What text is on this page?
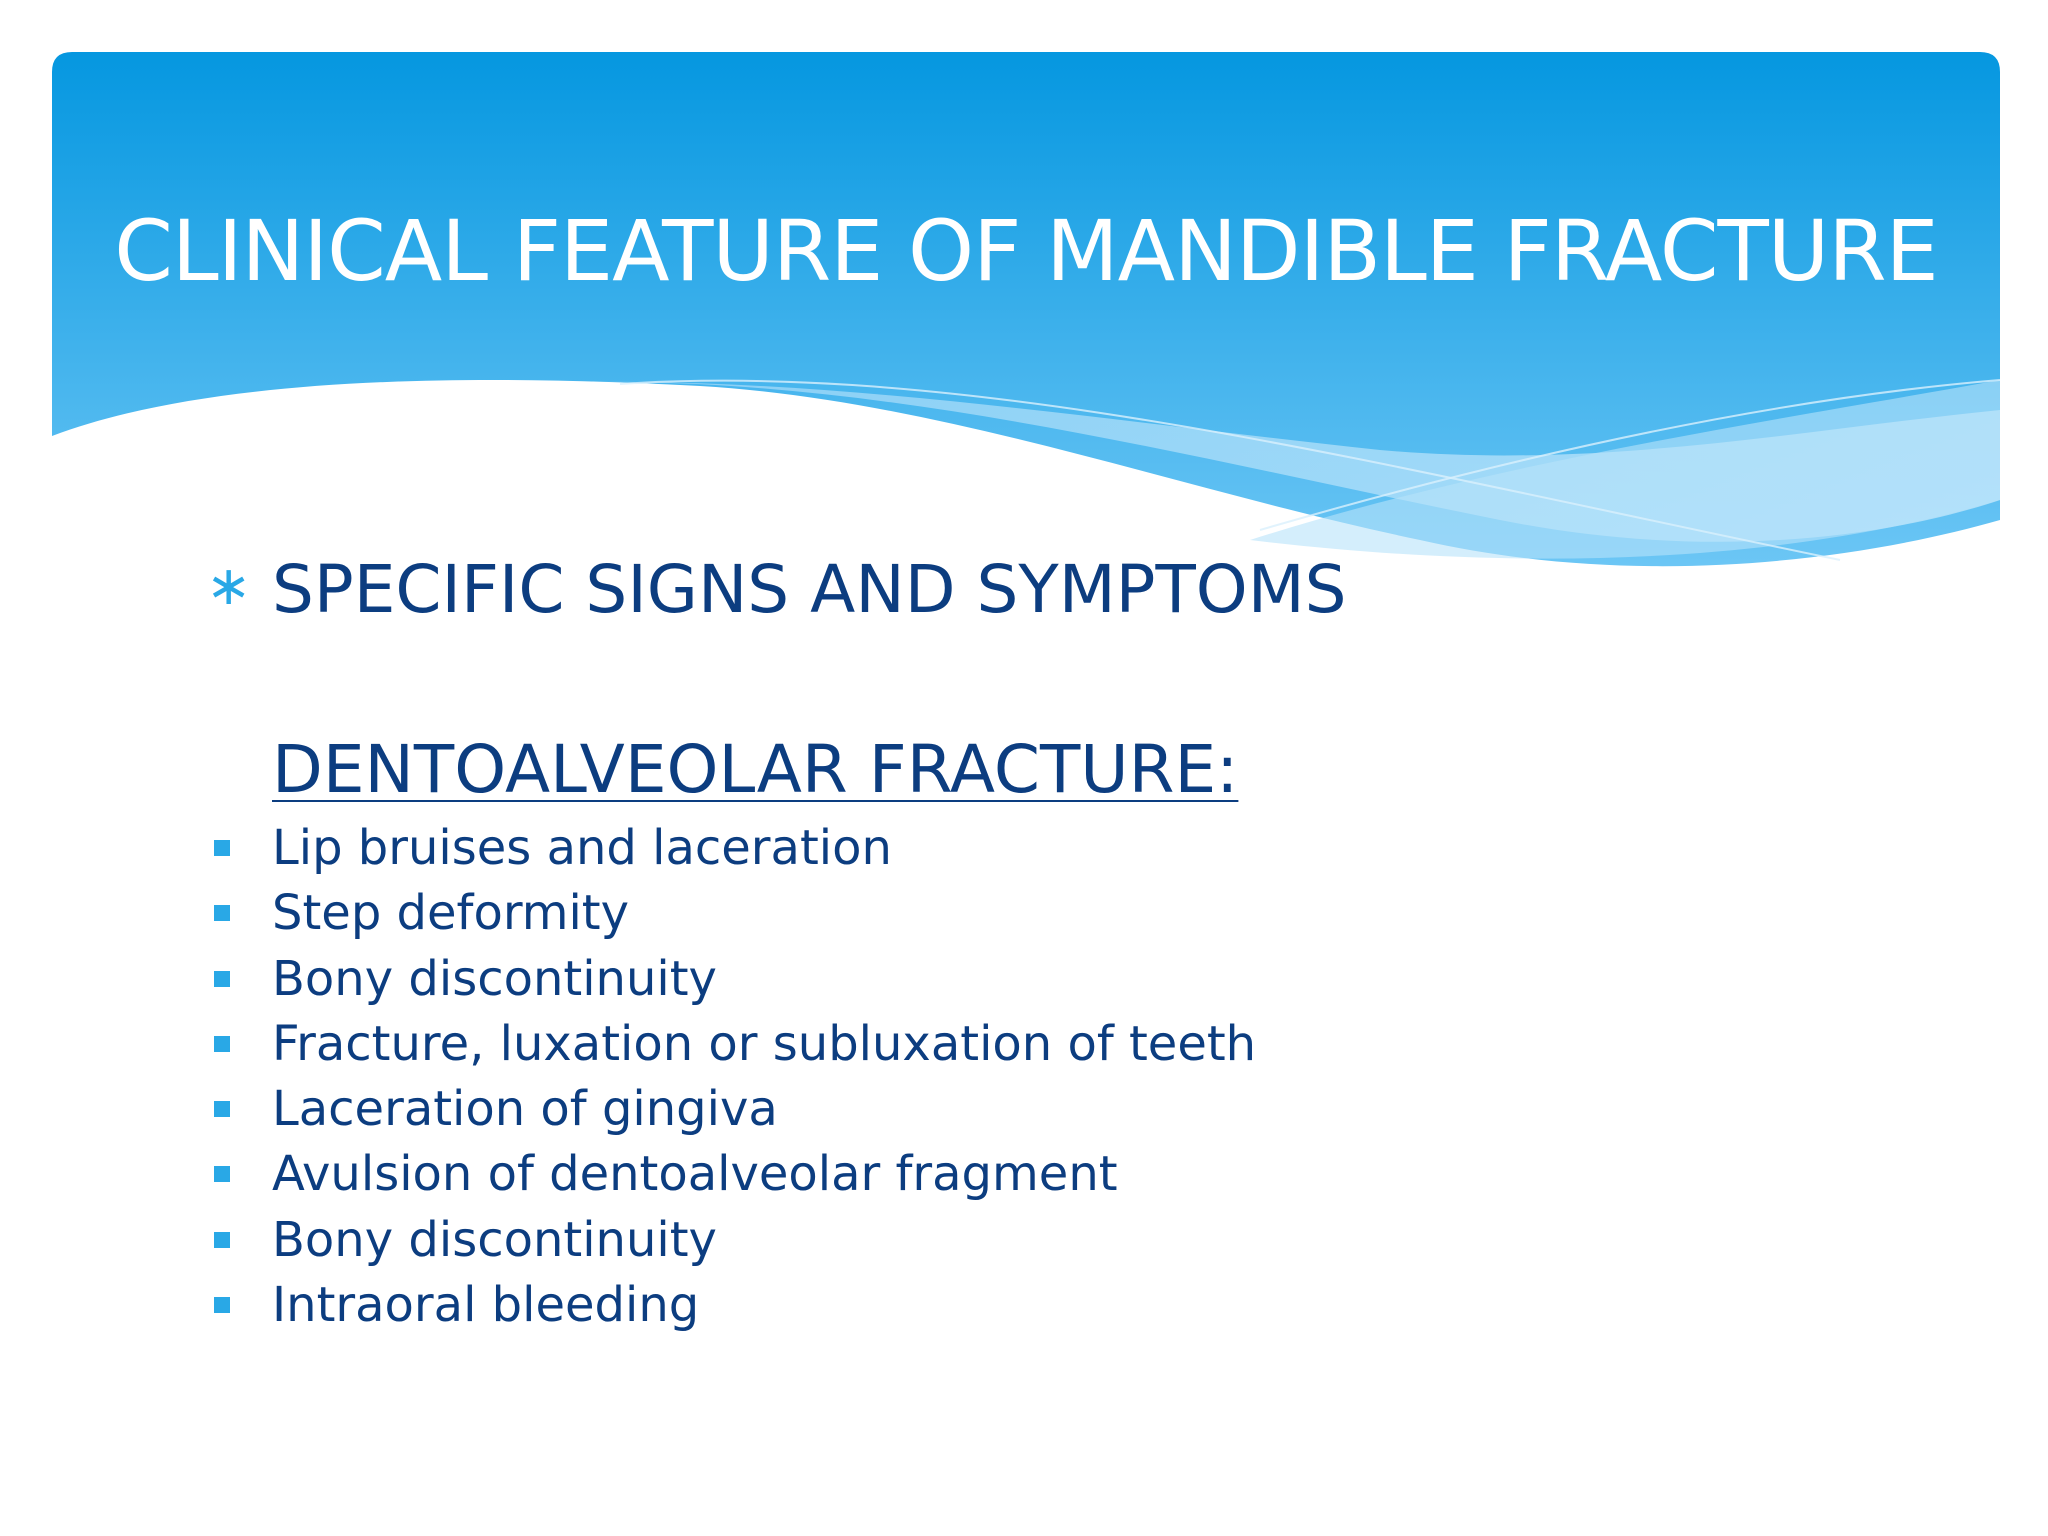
CLINICAL FEATURE OF MANDIBLE FRACTURE
∗ SPECIFIC SIGNS AND SYMPTOMS
DENTOALVEOLAR FRACTURE:
Lip bruises and laceration
Step deformity
Bony discontinuity
Fracture, luxation or subluxation of teeth
Laceration of gingiva
Avulsion of dentoalveolar fragment
Bony discontinuity
Intraoral bleeding
